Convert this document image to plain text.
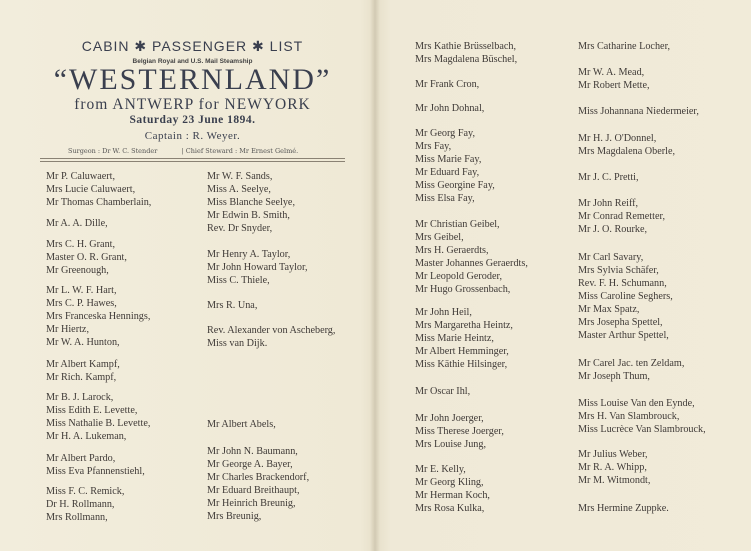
CABIN ✱ PASSENGER ✱ LIST
Belgian Royal and U.S. Mail Steamship
“WESTERNLAND”
from ANTWERP for NEWYORK
Saturday 23 June 1894.
Captain : R. Weyer.
Surgeon : Dr W. C. Stender	| Chief Steward : Mr Ernest Gelmé.
Mr P. Caluwaert,
Mrs Lucie Caluwaert,
Mr Thomas Chamberlain,
Mr A. A. Dille,
Mrs C. H. Grant,
Master O. R. Grant,
Mr Greenough,
Mr L. W. F. Hart,
Mrs C. P. Hawes,
Mrs Franceska Hennings,
Mr Hiertz,
Mr W. A. Hunton,
Mr Albert Kampf,
Mr Rich. Kampf,
Mr B. J. Larock,
Miss Edith E. Levette,
Miss Nathalie B. Levette,
Mr H. A. Lukeman,
Mr Albert Pardo,
Miss Eva Pfannenstiehl,
Miss F. C. Remick,
Dr H. Rollmann,
Mrs Rollmann,
Mr W. F. Sands,
Miss A. Seelye,
Miss Blanche Seelye,
Mr Edwin B. Smith,
Rev. Dr Snyder,
Mr Henry A. Taylor,
Mr John Howard Taylor,
Miss C. Thiele,
Mrs R. Una,
Rev. Alexander von Ascheberg,
Miss van Dijk.
Mr Albert Abels,
Mr John N. Baumann,
Mr George A. Bayer,
Mr Charles Brackendorf,
Mr Eduard Breithaupt,
Mr Heinrich Breunig,
Mrs Breunig,
Mrs Kathie Brüsselbach,
Mrs Magdalena Büschel,
Mr Frank Cron,
Mr John Dohnal,
Mr Georg Fay,
Mrs Fay,
Miss Marie Fay,
Mr Eduard Fay,
Miss Georgine Fay,
Miss Elsa Fay,
Mr Christian Geibel,
Mrs Geibel,
Mrs H. Geraerdts,
Master Johannes Geraerdts,
Mr Leopold Geroder,
Mr Hugo Grossenbach,
Mr John Heil,
Mrs Margaretha Heintz,
Miss Marie Heintz,
Mr Albert Hemminger,
Miss Käthie Hilsinger,
Mr Oscar Ihl,
Mr John Joerger,
Miss Therese Joerger,
Mrs Louise Jung,
Mr E. Kelly,
Mr Georg Kling,
Mr Herman Koch,
Mrs Rosa Kulka,
Mrs Catharine Locher,
Mr W. A. Mead,
Mr Robert Mette,
Miss Johannana Niedermeier,
Mr H. J. O'Donnel,
Mrs Magdalena Oberle,
Mr J. C. Pretti,
Mr John Reiff,
Mr Conrad Remetter,
Mr J. O. Rourke,
Mr Carl Savary,
Mrs Sylvia Schäfer,
Rev. F. H. Schumann,
Miss Caroline Seghers,
Mr Max Spatz,
Mrs Josepha Spettel,
Master Arthur Spettel,
Mr Carel Jac. ten Zeldam,
Mr Joseph Thum,
Miss Louise Van den Eynde,
Mrs H. Van Slambrouck,
Miss Lucrèce Van Slambrouck,
Mr Julius Weber,
Mr R. A. Whipp,
Mr M. Witmondt,
Mrs Hermine Zuppke.
